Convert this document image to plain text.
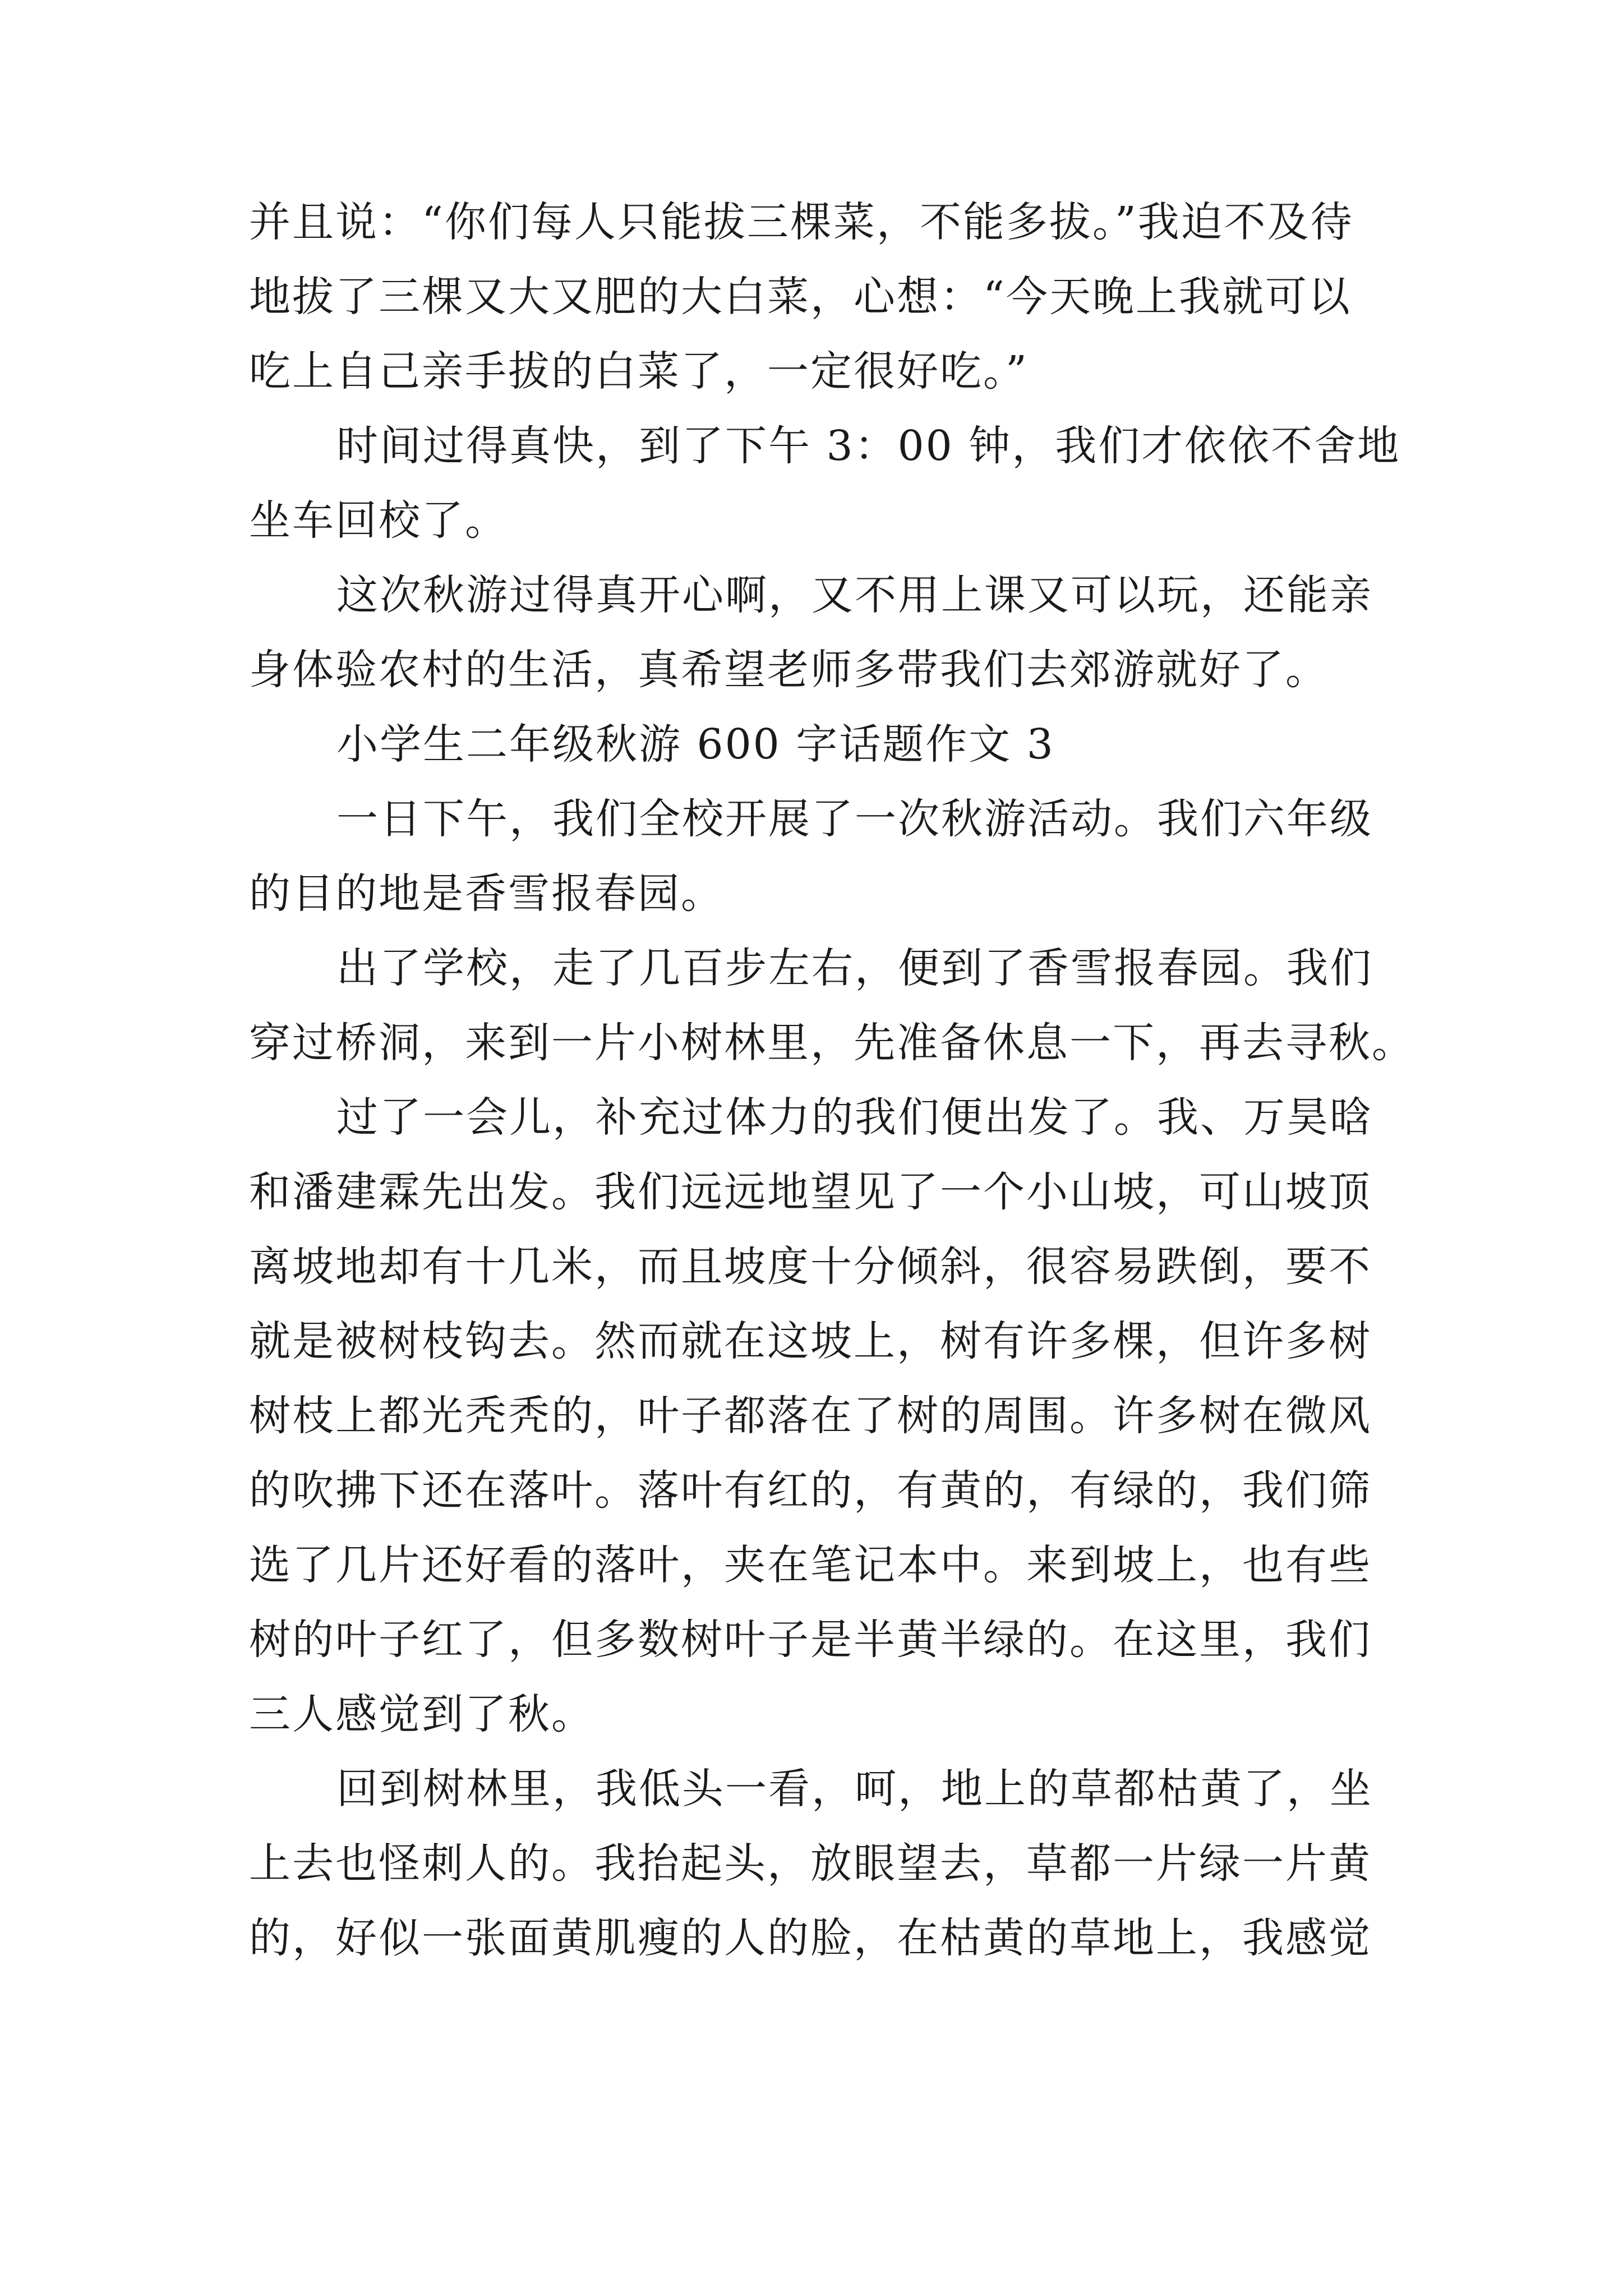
并且说：“你们每人只能拔三棵菜，不能多拔。”我迫不及待
地拔了三棵又大又肥的大白菜，心想：“今天晚上我就可以
吃上自己亲手拔的白菜了，一定很好吃。”
时间过得真快，到了下午 3：00 钟，我们才依依不舍地
坐车回校了。
这次秋游过得真开心啊，又不用上课又可以玩，还能亲
身体验农村的生活，真希望老师多带我们去郊游就好了。
小学生二年级秋游 600 字话题作文 3
一日下午，我们全校开展了一次秋游活动。我们六年级
的目的地是香雪报春园。
出了学校，走了几百步左右，便到了香雪报春园。我们
穿过桥洞，来到一片小树林里，先准备休息一下，再去寻秋。
过了一会儿，补充过体力的我们便出发了。我、万昊晗
和潘建霖先出发。我们远远地望见了一个小山坡，可山坡顶
离坡地却有十几米，而且坡度十分倾斜，很容易跌倒，要不
就是被树枝钩去。然而就在这坡上，树有许多棵，但许多树
树枝上都光秃秃的，叶子都落在了树的周围。许多树在微风
的吹拂下还在落叶。落叶有红的，有黄的，有绿的，我们筛
选了几片还好看的落叶，夹在笔记本中。来到坡上，也有些
树的叶子红了，但多数树叶子是半黄半绿的。在这里，我们
三人感觉到了秋。
回到树林里，我低头一看，呵，地上的草都枯黄了，坐
上去也怪刺人的。我抬起头，放眼望去，草都一片绿一片黄
的，好似一张面黄肌瘦的人的脸，在枯黄的草地上，我感觉
